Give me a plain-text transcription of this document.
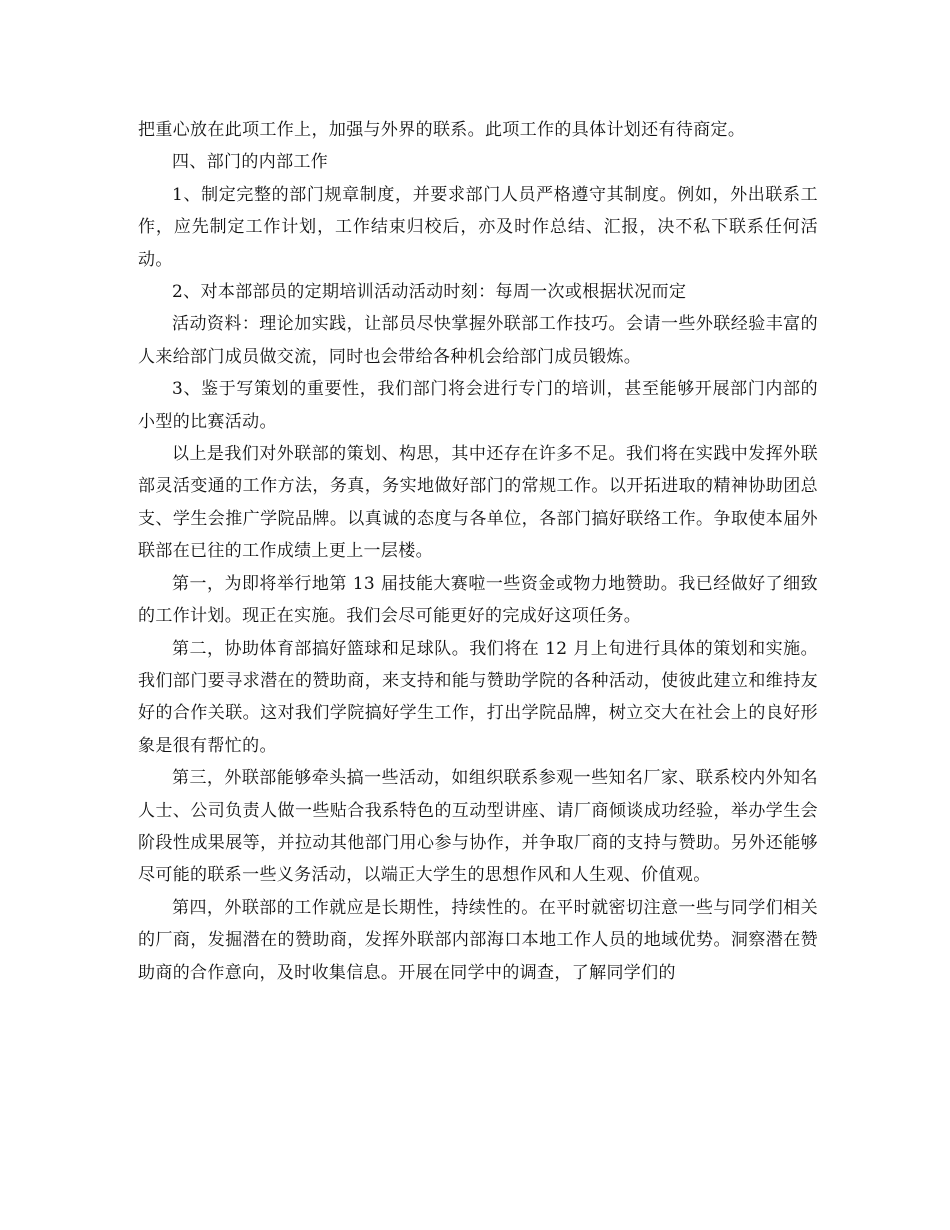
把重心放在此项工作上，加强与外界的联系。此项工作的具体计划还有待商定。

四、部门的内部工作

1、制定完整的部门规章制度，并要求部门人员严格遵守其制度。例如，外出联系工作，应先制定工作计划，工作结束归校后，亦及时作总结、汇报，决不私下联系任何活动。

2、对本部部员的定期培训活动活动时刻：每周一次或根据状况而定

活动资料：理论加实践，让部员尽快掌握外联部工作技巧。会请一些外联经验丰富的人来给部门成员做交流，同时也会带给各种机会给部门成员锻炼。

3、鉴于写策划的重要性，我们部门将会进行专门的培训，甚至能够开展部门内部的小型的比赛活动。

以上是我们对外联部的策划、构思，其中还存在许多不足。我们将在实践中发挥外联部灵活变通的工作方法，务真，务实地做好部门的常规工作。以开拓进取的精神协助团总支、学生会推广学院品牌。以真诚的态度与各单位，各部门搞好联络工作。争取使本届外联部在已往的工作成绩上更上一层楼。

第一，为即将举行地第 13 届技能大赛啦一些资金或物力地赞助。我已经做好了细致的工作计划。现正在实施。我们会尽可能更好的完成好这项任务。

第二，协助体育部搞好篮球和足球队。我们将在 12 月上旬进行具体的策划和实施。我们部门要寻求潜在的赞助商，来支持和能与赞助学院的各种活动，使彼此建立和维持友好的合作关联。这对我们学院搞好学生工作，打出学院品牌，树立交大在社会上的良好形象是很有帮忙的。

第三，外联部能够牵头搞一些活动，如组织联系参观一些知名厂家、联系校内外知名人士、公司负责人做一些贴合我系特色的互动型讲座、请厂商倾谈成功经验，举办学生会阶段性成果展等，并拉动其他部门用心参与协作，并争取厂商的支持与赞助。另外还能够尽可能的联系一些义务活动，以端正大学生的思想作风和人生观、价值观。

第四，外联部的工作就应是长期性，持续性的。在平时就密切注意一些与同学们相关的厂商，发掘潜在的赞助商，发挥外联部内部海口本地工作人员的地域优势。洞察潜在赞助商的合作意向，及时收集信息。开展在同学中的调查，了解同学们的
